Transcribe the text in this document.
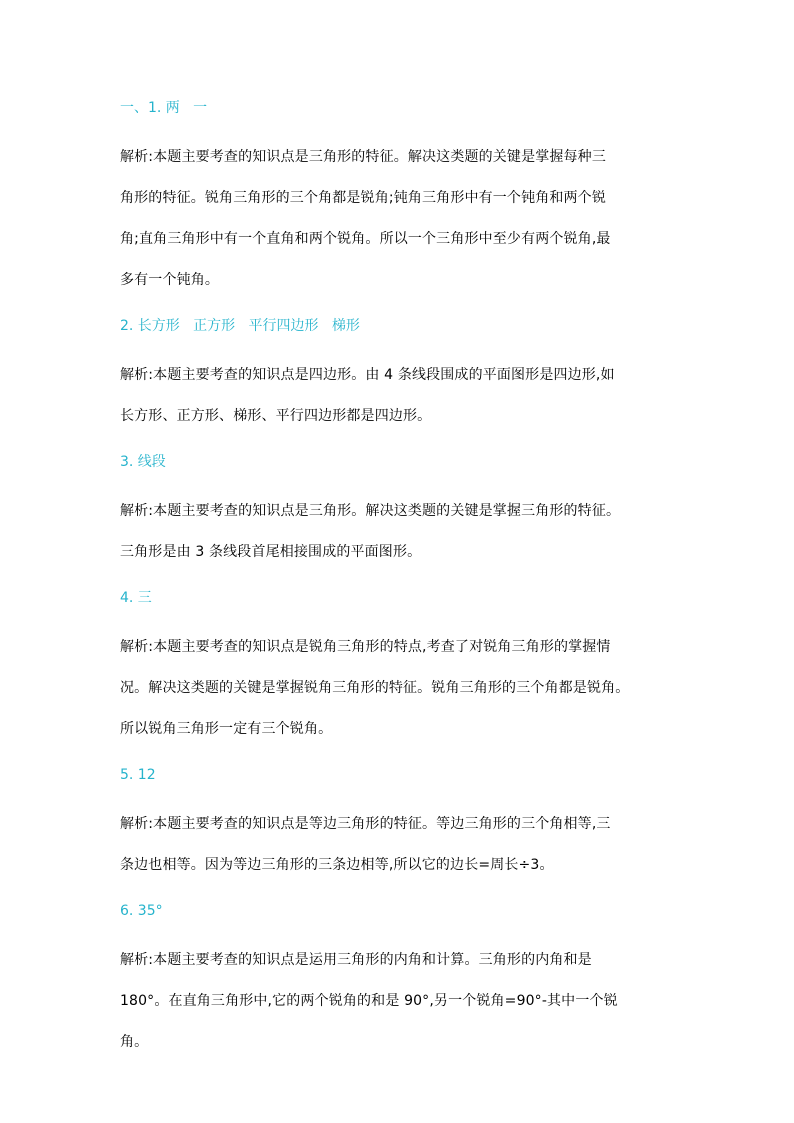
一、1. 两   一

解析:本题主要考查的知识点是三角形的特征。解决这类题的关键是掌握每种三

角形的特征。锐角三角形的三个角都是锐角;钝角三角形中有一个钝角和两个锐

角;直角三角形中有一个直角和两个锐角。所以一个三角形中至少有两个锐角,最

多有一个钝角。

2. 长方形   正方形   平行四边形   梯形

解析:本题主要考查的知识点是四边形。由 4 条线段围成的平面图形是四边形,如

长方形、正方形、梯形、平行四边形都是四边形。

3. 线段

解析:本题主要考查的知识点是三角形。解决这类题的关键是掌握三角形的特征。

三角形是由 3 条线段首尾相接围成的平面图形。

4. 三

解析:本题主要考查的知识点是锐角三角形的特点,考查了对锐角三角形的掌握情

况。解决这类题的关键是掌握锐角三角形的特征。锐角三角形的三个角都是锐角。

所以锐角三角形一定有三个锐角。

5. 12

解析:本题主要考查的知识点是等边三角形的特征。等边三角形的三个角相等,三

条边也相等。因为等边三角形的三条边相等,所以它的边长=周长÷3。

6. 35°

解析:本题主要考查的知识点是运用三角形的内角和计算。三角形的内角和是

180°。在直角三角形中,它的两个锐角的和是 90°,另一个锐角=90°-其中一个锐

角。
